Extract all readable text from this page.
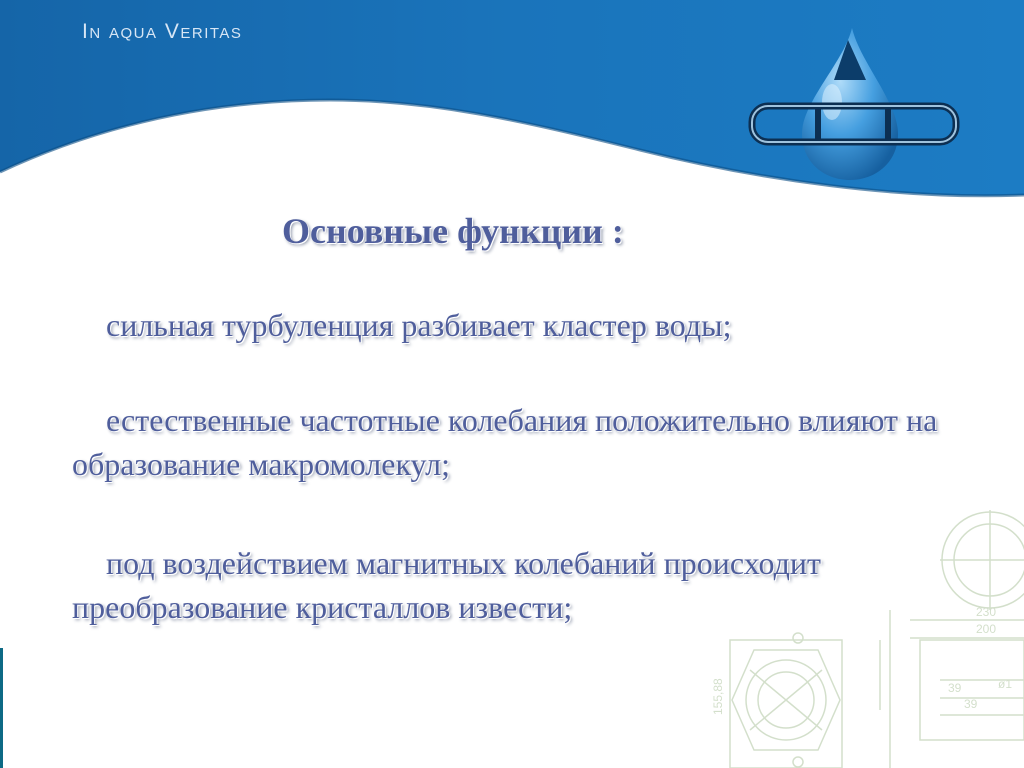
In aqua Veritas
Основные функции :
сильная турбуленция разбивает кластер воды;
естественные частотные колебания положительно влияют на образование макромолекул;
под воздействием магнитных колебаний происходит преобразование кристаллов извести;	230
200
155,88	39
39
ø1
